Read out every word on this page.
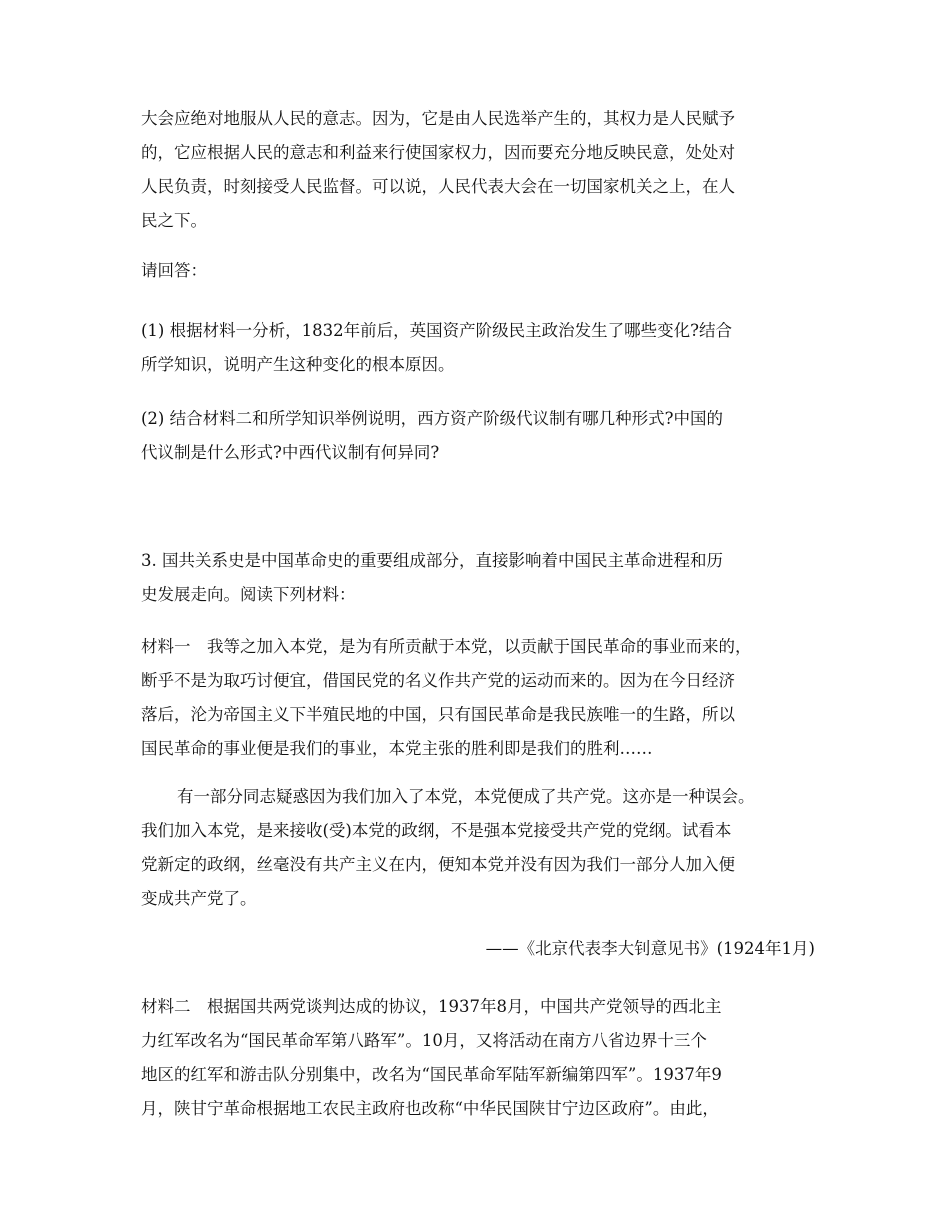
大会应绝对地服从人民的意志。因为，它是由人民选举产生的，其权力是人民赋予
的，它应根据人民的意志和利益来行使国家权力，因而要充分地反映民意，处处对
人民负责，时刻接受人民监督。可以说，人民代表大会在一切国家机关之上，在人
民之下。
请回答：
(1) 根据材料一分析，1832年前后，英国资产阶级民主政治发生了哪些变化?结合
所学知识，说明产生这种变化的根本原因。
(2) 结合材料二和所学知识举例说明，西方资产阶级代议制有哪几种形式?中国的
代议制是什么形式?中西代议制有何异同?
3. 国共关系史是中国革命史的重要组成部分，直接影响着中国民主革命进程和历
史发展走向。阅读下列材料：
材料一　我等之加入本党，是为有所贡献于本党，以贡献于国民革命的事业而来的，
断乎不是为取巧讨便宜，借国民党的名义作共产党的运动而来的。因为在今日经济
落后，沦为帝国主义下半殖民地的中国，只有国民革命是我民族唯一的生路，所以
国民革命的事业便是我们的事业，本党主张的胜利即是我们的胜利……
有一部分同志疑惑因为我们加入了本党，本党便成了共产党。这亦是一种误会。
我们加入本党，是来接收(受)本党的政纲，不是强本党接受共产党的党纲。试看本
党新定的政纲，丝毫没有共产主义在内，便知本党并没有因为我们一部分人加入便
变成共产党了。
——《北京代表李大钊意见书》(1924年1月)
材料二　根据国共两党谈判达成的协议，1937年8月，中国共产党领导的西北主
力红军改名为“国民革命军第八路军”。10月，又将活动在南方八省边界十三个
地区的红军和游击队分别集中，改名为“国民革命军陆军新编第四军”。1937年9
月，陕甘宁革命根据地工农民主政府也改称“中华民国陕甘宁边区政府”。由此，
